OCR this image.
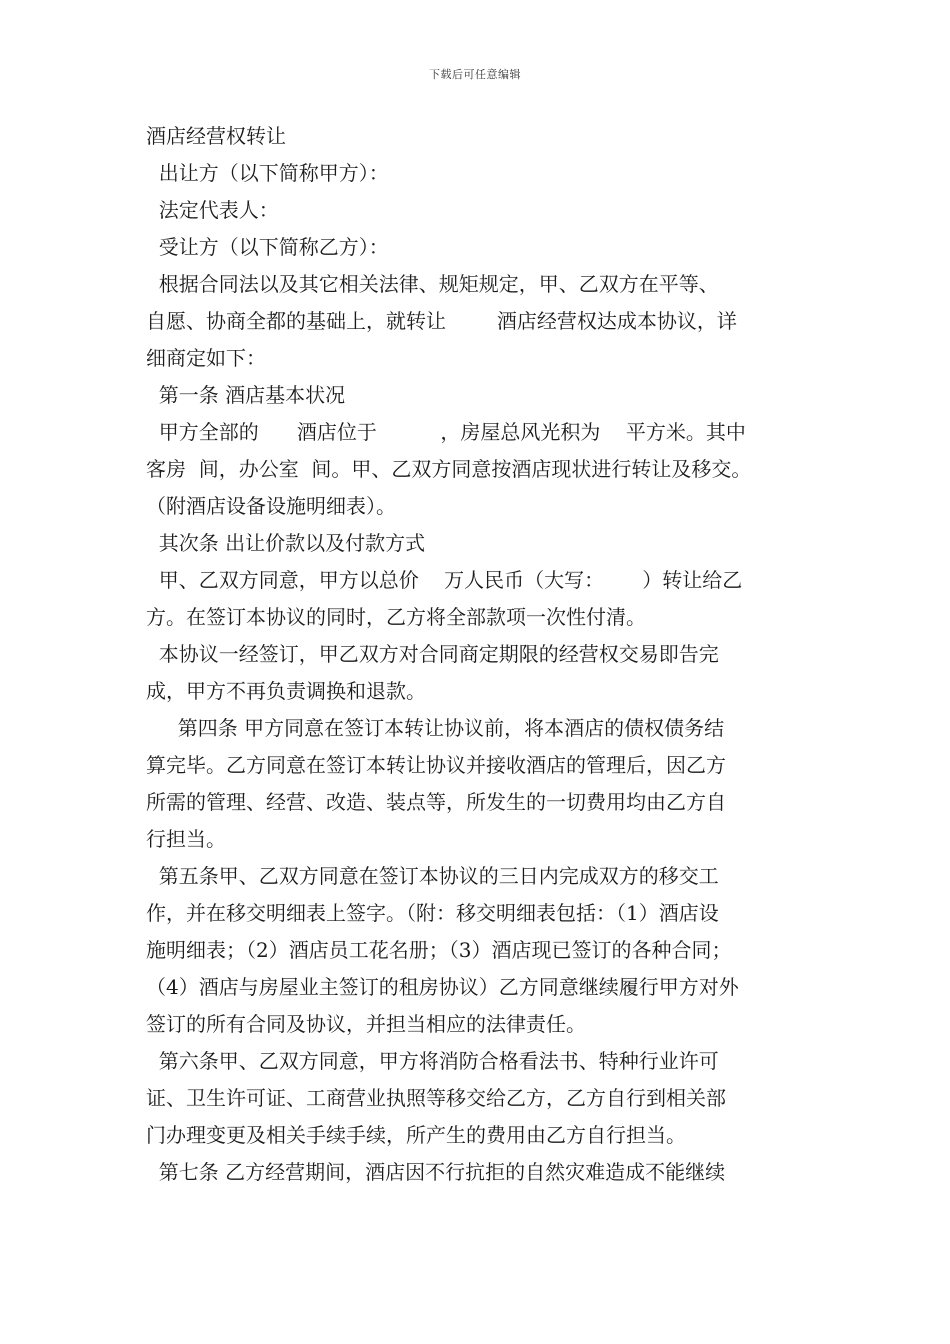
下载后可任意编辑
酒店经营权转让
出让方（以下简称甲方）：
法定代表人：
受让方（以下简称乙方）：
根据合同法以及其它相关法律、规矩规定，甲、乙双方在平等、
自愿、协商全都的基础上，就转让        酒店经营权达成本协议，详
细商定如下：
第一条 酒店基本状况
甲方全部的      酒店位于          ，房屋总风光积为    平方米。其中
客房  间，办公室  间。甲、乙双方同意按酒店现状进行转让及移交。
（附酒店设备设施明细表）。
其次条 出让价款以及付款方式
甲、乙双方同意，甲方以总价    万人民币（大写：      ）转让给乙
方。在签订本协议的同时，乙方将全部款项一次性付清。
本协议一经签订，甲乙双方对合同商定期限的经营权交易即告完
成，甲方不再负责调换和退款。
第四条 甲方同意在签订本转让协议前，将本酒店的债权债务结
算完毕。乙方同意在签订本转让协议并接收酒店的管理后，因乙方
所需的管理、经营、改造、装点等，所发生的一切费用均由乙方自
行担当。
第五条甲、乙双方同意在签订本协议的三日内完成双方的移交工
作，并在移交明细表上签字。（附：移交明细表包括：（1）酒店设
施明细表；（2）酒店员工花名册；（3）酒店现已签订的各种合同；
（4）酒店与房屋业主签订的租房协议）乙方同意继续履行甲方对外
签订的所有合同及协议，并担当相应的法律责任。
第六条甲、乙双方同意，甲方将消防合格看法书、特种行业许可
证、卫生许可证、工商营业执照等移交给乙方，乙方自行到相关部
门办理变更及相关手续手续，所产生的费用由乙方自行担当。
第七条 乙方经营期间，酒店因不行抗拒的自然灾难造成不能继续
